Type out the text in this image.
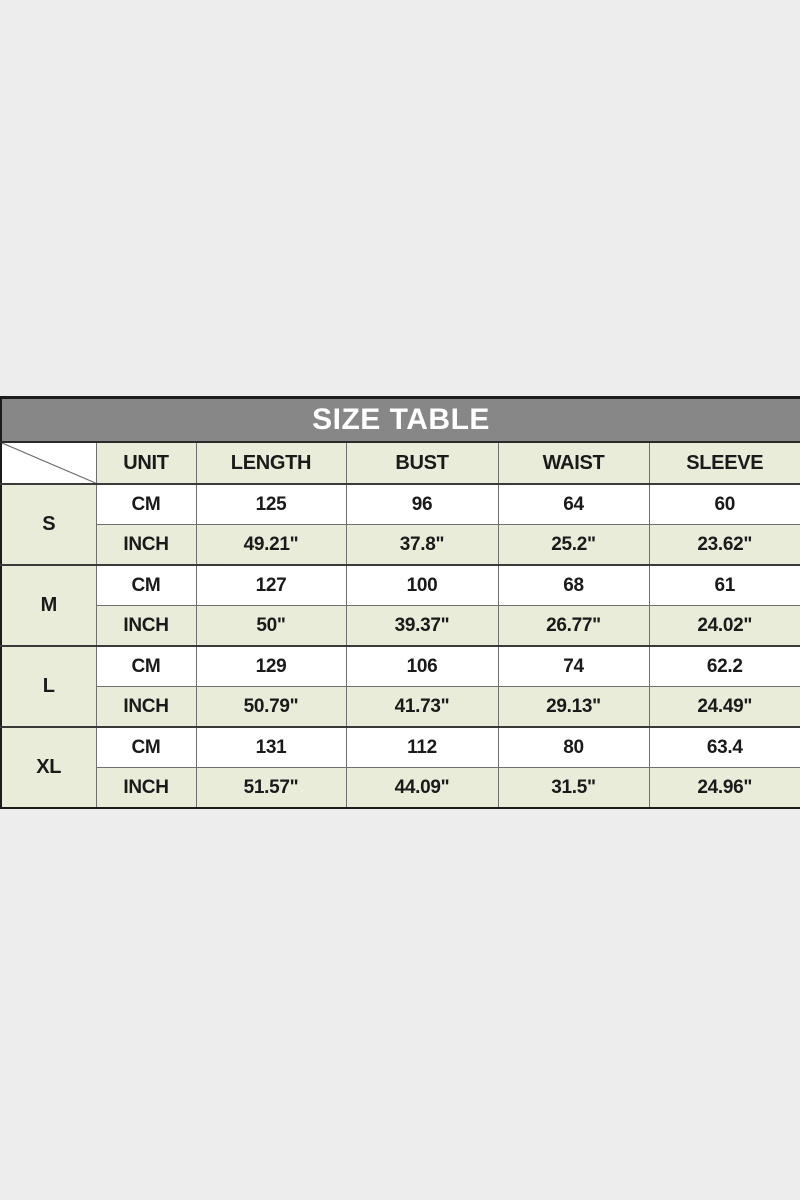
SIZE TABLE					

	UNIT	LENGTH	BUST	WAIST	SLEEVE
S	CM	125	96	64	60
	INCH	49.21"	37.8"	25.2"	23.62"
M	CM	127	100	68	61
	INCH	50"	39.37"	26.77"	24.02"
L	CM	129	106	74	62.2
	INCH	50.79"	41.73"	29.13"	24.49"
XL	CM	131	112	80	63.4
	INCH	51.57"	44.09"	31.5"	24.96"
